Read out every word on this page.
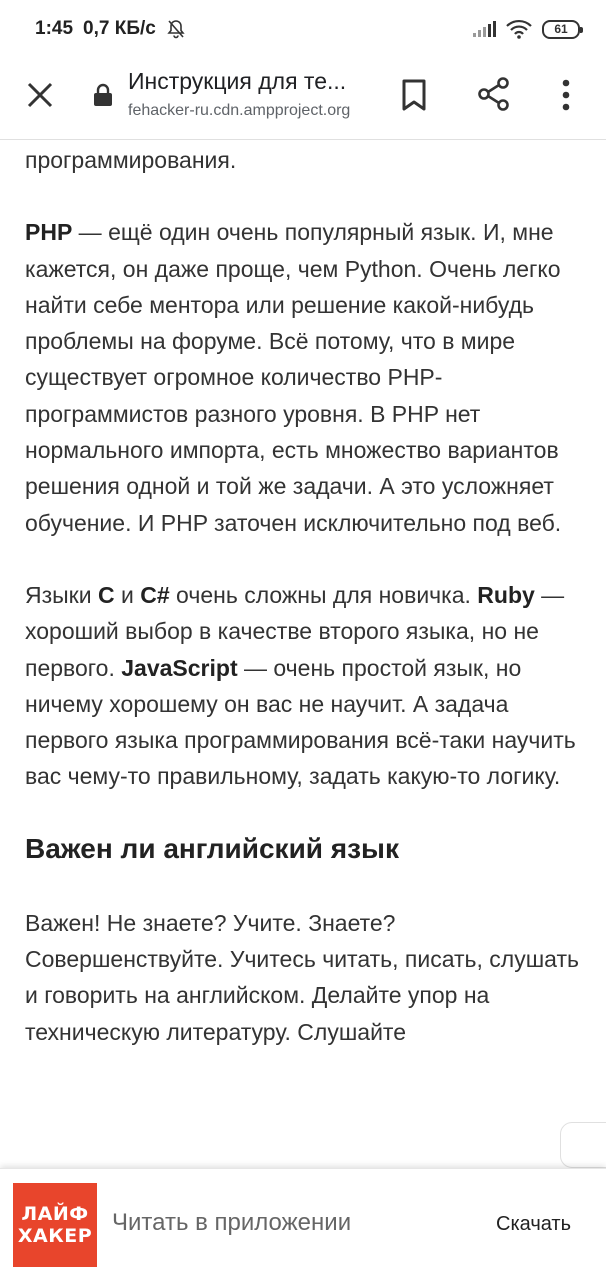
1:45 0,7 КБ/с	61
Инструкция для те...
fehacker-ru.cdn.ampproject.org

программирования.

PHP — ещё один очень популярный язык. И, мне кажется, он даже проще, чем Python. Очень легко найти себе ментора или решение какой-нибудь проблемы на форуме. Всё потому, что в мире существует огромное количество PHP-программистов разного уровня. В PHP нет нормального импорта, есть множество вариантов решения одной и той же задачи. А это усложняет обучение. И PHP заточен исключительно под веб.

Языки C и C# очень сложны для новичка. Ruby — хороший выбор в качестве второго языка, но не первого. JavaScript — очень простой язык, но ничему хорошему он вас не научит. А задача первого языка программирования всё-таки научить вас чему-то правильному, задать какую-то логику.

Важен ли английский язык

Важен! Не знаете? Учите. Знаете? Совершенствуйте. Учитесь читать, писать, слушать и говорить на английском. Делайте упор на техническую литературу. Слушайте

ЛАЙФ
ХАКЕР Читать в приложении	Скачать
